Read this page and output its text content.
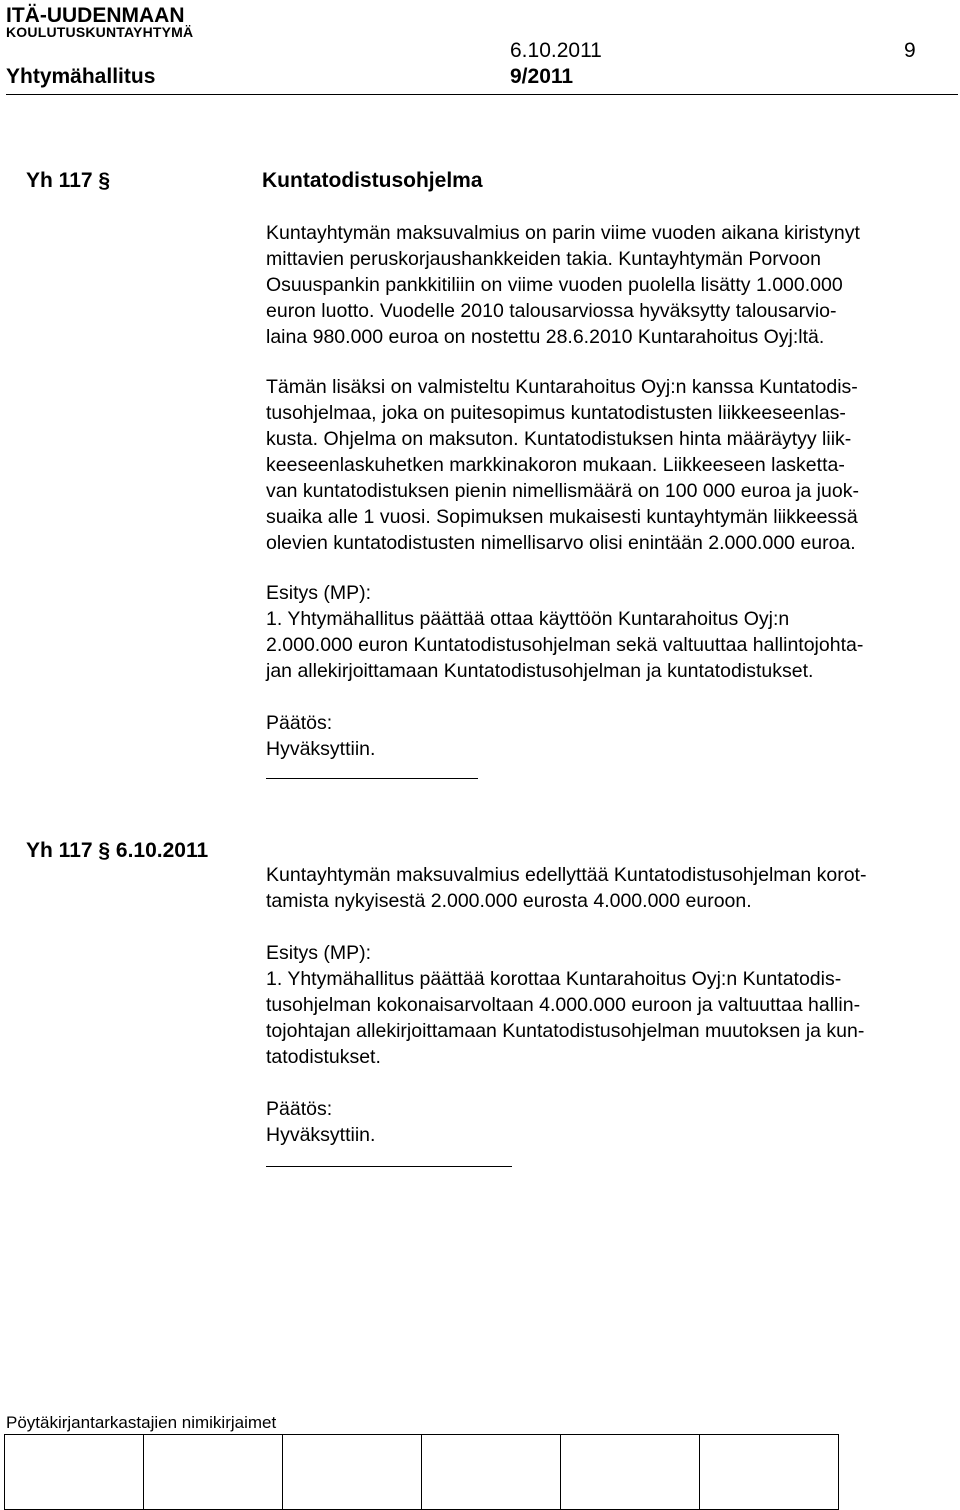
ITÄ-UUDENMAAN
KOULUTUSKUNTAYHTYMÄ
6.10.2011	9
Yhtymähallitus	9/2011
Yh 117 §	Kuntatodistusohjelma
Kuntayhtymän maksuvalmius on parin viime vuoden aikana kiristynyt
mittavien peruskorjaushankkeiden takia. Kuntayhtymän Porvoon
Osuuspankin pankkitiliin on viime vuoden puolella lisätty 1.000.000
euron luotto. Vuodelle 2010 talousarviossa hyväksytty talousarvio-
laina 980.000 euroa on nostettu 28.6.2010 Kuntarahoitus Oyj:ltä.
Tämän lisäksi on valmisteltu Kuntarahoitus Oyj:n kanssa Kuntatodis-
tusohjelmaa, joka on puitesopimus kuntatodistusten liikkeeseenlas-
kusta. Ohjelma on maksuton. Kuntatodistuksen hinta määräytyy liik-
keeseenlaskuhetken markkinakoron mukaan. Liikkeeseen lasketta-
van kuntatodistuksen pienin nimellismäärä on 100 000 euroa ja juok-
suaika alle 1 vuosi. Sopimuksen mukaisesti kuntayhtymän liikkeessä
olevien kuntatodistusten nimellisarvo olisi enintään 2.000.000 euroa.
Esitys (MP):
1. Yhtymähallitus päättää ottaa käyttöön Kuntarahoitus Oyj:n
2.000.000 euron Kuntatodistusohjelman sekä valtuuttaa hallintojohta-
jan allekirjoittamaan Kuntatodistusohjelman ja kuntatodistukset.
Päätös:
Hyväksyttiin.
Yh 117 § 6.10.2011
Kuntayhtymän maksuvalmius edellyttää Kuntatodistusohjelman korot-
tamista nykyisestä 2.000.000 eurosta 4.000.000 euroon.
Esitys (MP):
1. Yhtymähallitus päättää korottaa Kuntarahoitus Oyj:n Kuntatodis-
tusohjelman kokonaisarvoltaan 4.000.000 euroon ja valtuuttaa hallin-
tojohtajan allekirjoittamaan Kuntatodistusohjelman muutoksen ja kun-
tatodistukset.
Päätös:
Hyväksyttiin.
Pöytäkirjantarkastajien nimikirjaimet
